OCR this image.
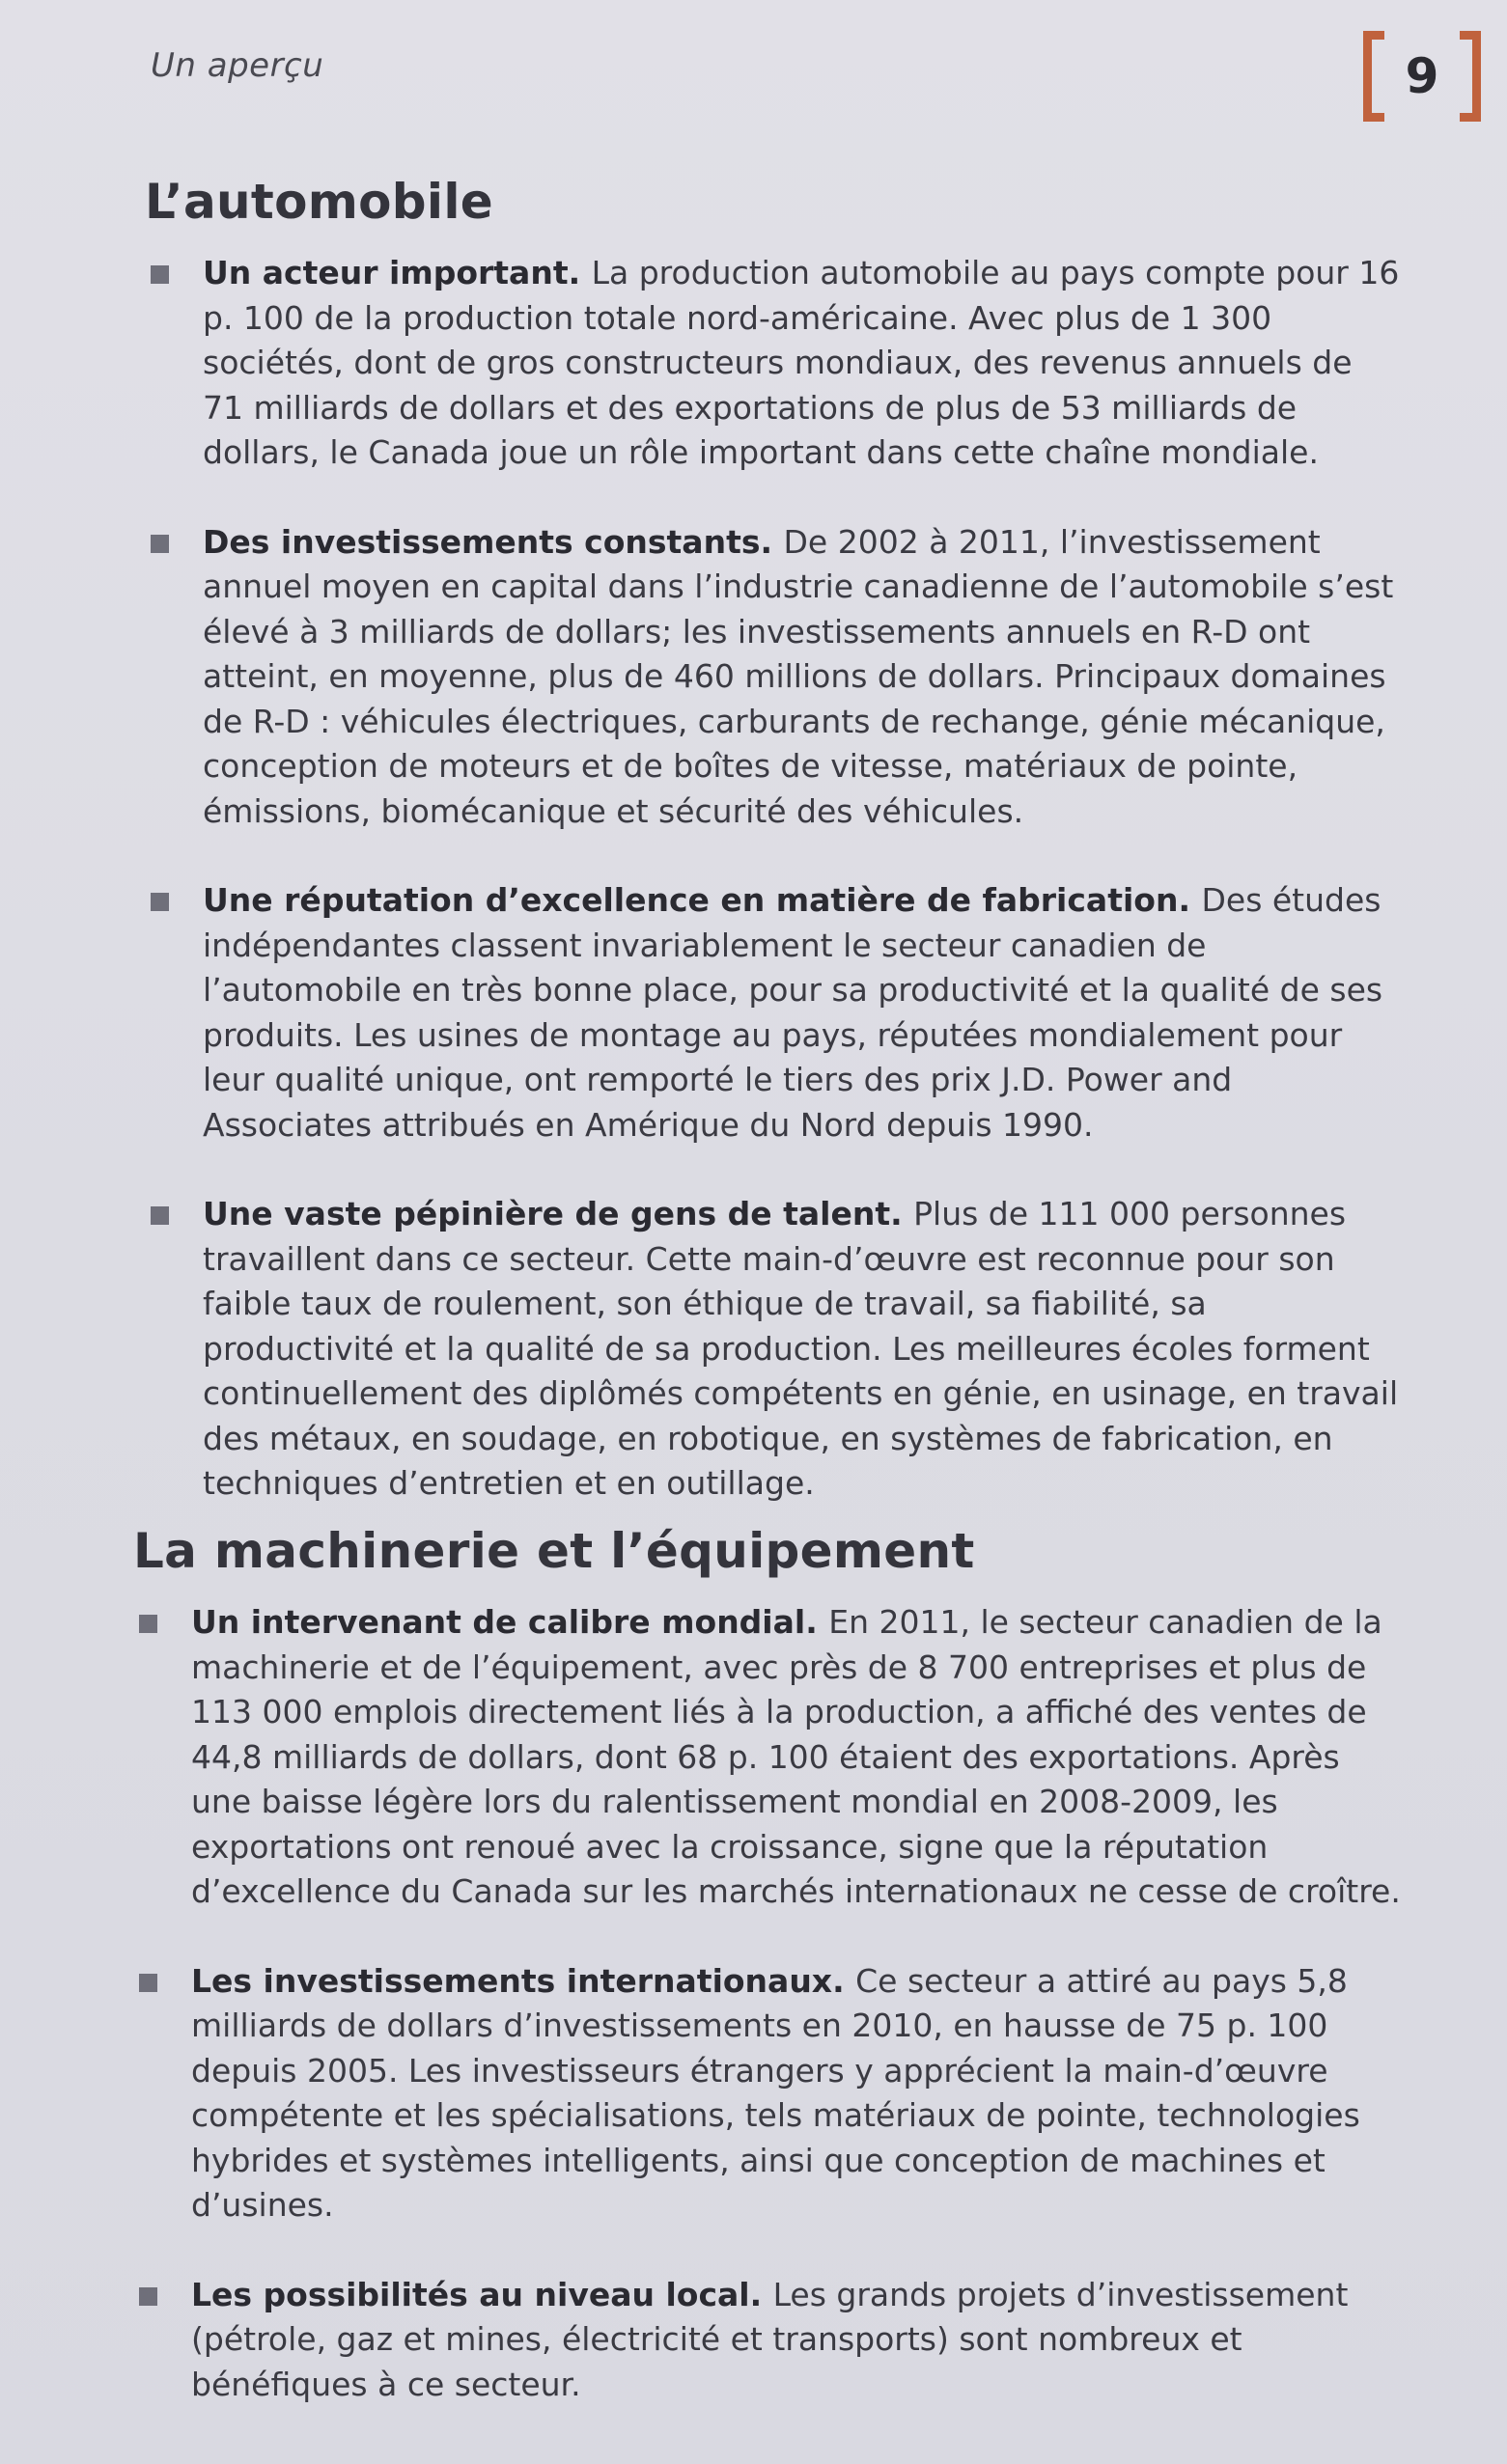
Un aperçu	9
L’automobile
Un acteur important. La production automobile au pays compte pour 16 p. 100 de la production totale nord-américaine. Avec plus de 1 300 sociétés, dont de gros constructeurs mondiaux, des revenus annuels de 71 milliards de dollars et des exportations de plus de 53 milliards de dollars, le Canada joue un rôle important dans cette chaîne mondiale.
Des investissements constants. De 2002 à 2011, l’investissement annuel moyen en capital dans l’industrie canadienne de l’automobile s’est élevé à 3 milliards de dollars; les investissements annuels en R-D ont atteint, en moyenne, plus de 460 millions de dollars. Principaux domaines de R-D : véhicules électriques, carburants de rechange, génie mécanique, conception de moteurs et de boîtes de vitesse, matériaux de pointe, émissions, biomécanique et sécurité des véhicules.
Une réputation d’excellence en matière de fabrication. Des études indépendantes classent invariablement le secteur canadien de l’automobile en très bonne place, pour sa productivité et la qualité de ses produits. Les usines de montage au pays, réputées mondialement pour leur qualité unique, ont remporté le tiers des prix J.D. Power and Associates attribués en Amérique du Nord depuis 1990.
Une vaste pépinière de gens de talent. Plus de 111 000 personnes travaillent dans ce secteur. Cette main-d’œuvre est reconnue pour son faible taux de roulement, son éthique de travail, sa fiabilité, sa productivité et la qualité de sa production. Les meilleures écoles forment continuellement des diplômés compétents en génie, en usinage, en travail des métaux, en soudage, en robotique, en systèmes de fabrication, en techniques d’entretien et en outillage.
La machinerie et l’équipement
Un intervenant de calibre mondial. En 2011, le secteur canadien de la machinerie et de l’équipement, avec près de 8 700 entreprises et plus de 113 000 emplois directement liés à la production, a affiché des ventes de 44,8 milliards de dollars, dont 68 p. 100 étaient des exportations. Après une baisse légère lors du ralentissement mondial en 2008-2009, les exportations ont renoué avec la croissance, signe que la réputation d’excellence du Canada sur les marchés internationaux ne cesse de croître.
Les investissements internationaux. Ce secteur a attiré au pays 5,8 milliards de dollars d’investissements en 2010, en hausse de 75 p. 100 depuis 2005. Les investisseurs étrangers y apprécient la main-d’œuvre compétente et les spécialisations, tels matériaux de pointe, technologies hybrides et systèmes intelligents, ainsi que conception de machines et d’usines.
Les possibilités au niveau local. Les grands projets d’investissement (pétrole, gaz et mines, électricité et transports) sont nombreux et bénéfiques à ce secteur.
